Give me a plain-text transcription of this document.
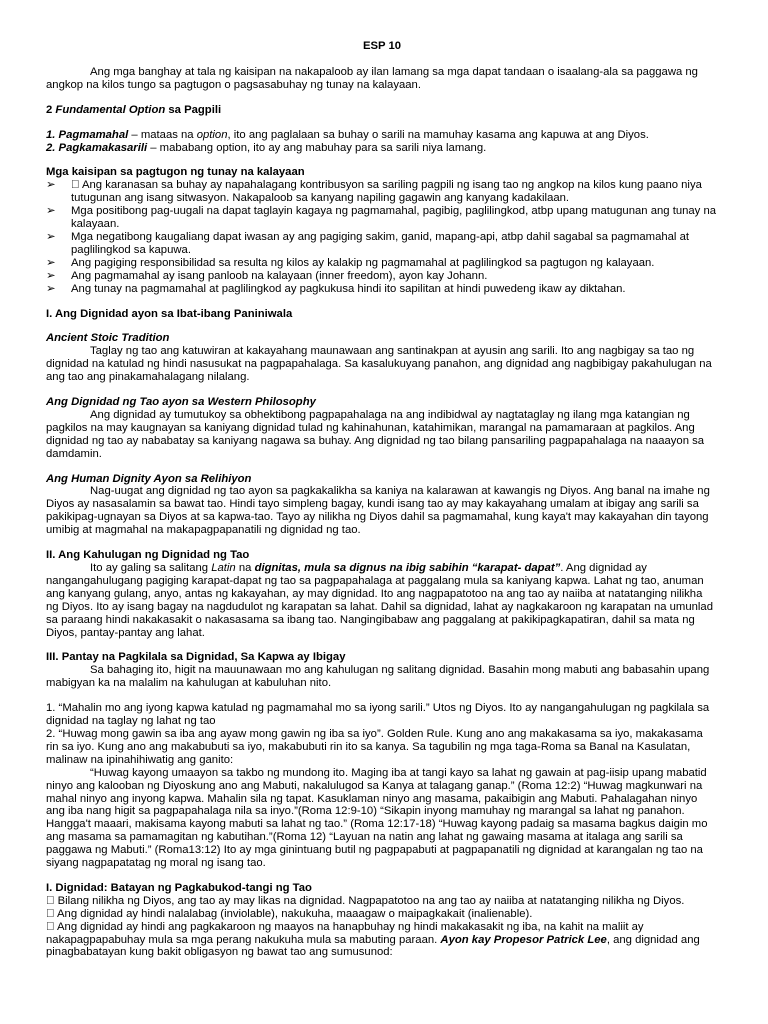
ESP 10

Ang mga banghay at tala ng kaisipan na nakapaloob ay ilan lamang sa mga dapat tandaan o isaalang-ala sa paggawa ng angkop na kilos tungo sa pagtugon o pagsasabuhay ng tunay na kalayaan.

2 Fundamental Option sa Pagpili

1. Pagmamahal – mataas na option, ito ang paglalaan sa buhay o sarili na mamuhay kasama ang kapuwa at ang Diyos.

2. Pagkamakasarili – mababang option, ito ay ang mabuhay para sa sarili niya lamang.

Mga kaisipan sa pagtugon ng tunay na kalayaan

➢   Ang karanasan sa buhay ay napahalagang kontribusyon sa sariling pagpili ng isang tao ng angkop na kilos kung paano niya tutugunan ang isang sitwasyon. Nakapaloob sa kanyang napiling gagawin ang kanyang kadakilaan.
➢ Mga positibong pag-uugali na dapat taglayin kagaya ng pagmamahal, pagibig, paglilingkod, atbp upang matugunan ang tunay na kalayaan.
➢ Mga negatibong kaugaliang dapat iwasan ay ang pagiging sakim, ganid, mapang-api, atbp dahil sagabal sa pagmamahal at paglilingkod sa kapuwa.
➢ Ang pagiging responsibilidad sa resulta ng kilos ay kalakip ng pagmamahal at paglilingkod sa pagtugon ng kalayaan.
➢ Ang pagmamahal ay isang panloob na kalayaan (inner freedom), ayon kay Johann.
➢ Ang tunay na pagmamahal at paglilingkod ay pagkukusa hindi ito sapilitan at hindi puwedeng ikaw ay diktahan.

I. Ang Dignidad ayon sa Ibat-ibang Paniniwala

Ancient Stoic Tradition

Taglay ng tao ang katuwiran at kakayahang maunawaan ang santinakpan at ayusin ang sarili. Ito ang nagbigay sa tao ng dignidad na katulad ng hindi nasusukat na pagpapahalaga. Sa kasalukuyang panahon, ang dignidad ang nagbibigay pakahulugan na ang tao ang pinakamahalagang nilalang.

Ang Dignidad ng Tao ayon sa Western Philosophy

Ang dignidad ay tumutukoy sa obhektibong pagpapahalaga na ang indibidwal ay nagtataglay ng ilang mga katangian ng pagkilos na may kaugnayan sa kaniyang dignidad tulad ng kahinahunan, katahimikan, marangal na pamamaraan at pagkilos. Ang dignidad ng tao ay nababatay sa kaniyang nagawa sa buhay. Ang dignidad ng tao bilang pansariling pagpapahalaga na naaayon sa damdamin.

Ang Human Dignity Ayon sa Relihiyon

Nag-uugat ang dignidad ng tao ayon sa pagkakalikha sa kaniya na kalarawan at kawangis ng Diyos. Ang banal na imahe ng Diyos ay nasasalamin sa bawat tao. Hindi tayo simpleng bagay, kundi isang tao ay may kakayahang umalam at ibigay ang sarili sa pakikipag-ugnayan sa Diyos at sa kapwa-tao. Tayo ay nilikha ng Diyos dahil sa pagmamahal, kung kaya't may kakayahan din tayong umibig at magmahal na makapagpapanatili ng dignidad ng tao.

II. Ang Kahulugan ng Dignidad ng Tao

Ito ay galing sa salitang Latin na dignitas, mula sa dignus na ibig sabihin “karapat- dapat”. Ang dignidad ay nangangahulugang pagiging karapat-dapat ng tao sa pagpapahalaga at paggalang mula sa kaniyang kapwa. Lahat ng tao, anuman ang kanyang gulang, anyo, antas ng kakayahan, ay may dignidad. Ito ang nagpapatotoo na ang tao ay naiiba at natatanging nilikha ng Diyos. Ito ay isang bagay na nagdudulot ng karapatan sa lahat. Dahil sa dignidad, lahat ay nagkakaroon ng karapatan na umunlad sa paraang hindi nakakasakit o nakasasama sa ibang tao. Nangingibabaw ang paggalang at pakikipagkapatiran, dahil sa mata ng Diyos, pantay-pantay ang lahat.

III. Pantay na Pagkilala sa Dignidad, Sa Kapwa ay Ibigay

Sa bahaging ito, higit na mauunawaan mo ang kahulugan ng salitang dignidad. Basahin mong mabuti ang babasahin upang mabigyan ka na malalim na kahulugan at kabuluhan nito.

1. “Mahalin mo ang iyong kapwa katulad ng pagmamahal mo sa iyong sarili.” Utos ng Diyos. Ito ay nangangahulugan ng pagkilala sa dignidad na taglay ng lahat ng tao

2. “Huwag mong gawin sa iba ang ayaw mong gawin ng iba sa iyo”. Golden Rule. Kung ano ang makakasama sa iyo, makakasama rin sa iyo. Kung ano ang makabubuti sa iyo, makabubuti rin ito sa kanya. Sa tagubilin ng mga taga-Roma sa Banal na Kasulatan, malinaw na ipinahihiwatig ang ganito:

“Huwag kayong umaayon sa takbo ng mundong ito. Maging iba at tangi kayo sa lahat ng gawain at pag-iisip upang mabatid ninyo ang kalooban ng Diyoskung ano ang Mabuti, nakalulugod sa Kanya at talagang ganap.” (Roma 12:2) “Huwag magkunwari na mahal ninyo ang inyong kapwa. Mahalin sila ng tapat. Kasuklaman ninyo ang masama, pakaibigin ang Mabuti. Pahalagahan ninyo ang iba nang higit sa pagpapahalaga nila sa inyo.”(Roma 12:9-10) “Sikapin inyong mamuhay ng marangal sa lahat ng panahon. Hangga't maaari, makisama kayong mabuti sa lahat ng tao.” (Roma 12:17-18) “Huwag kayong padaig sa masama bagkus daigin mo ang masama sa pamamagitan ng kabutihan.”(Roma 12) “Layuan na natin ang lahat ng gawaing masama at italaga ang sarili sa paggawa ng Mabuti.” (Roma13:12) Ito ay mga ginintuang butil ng pagpapabuti at pagpapanatili ng dignidad at karangalan ng tao na siyang nagpapatatag ng moral ng isang tao.

I. Dignidad: Batayan ng Pagkabukod-tangi ng Tao

  Bilang nilikha ng Diyos, ang tao ay may likas na dignidad. Nagpapatotoo na ang tao ay naiiba at natatanging nilikha ng Diyos.

  Ang dignidad ay hindi nalalabag (inviolable), nakukuha, maaagaw o maipagkakait (inalienable).

  Ang dignidad ay hindi ang pagkakaroon ng maayos na hanapbuhay ng hindi makakasakit ng iba, na kahit na maliit ay nakapagpapabuhay mula sa mga perang nakukuha mula sa mabuting paraan. Ayon kay Propesor Patrick Lee, ang dignidad ang pinagbabatayan kung bakit obligasyon ng bawat tao ang sumusunod:
